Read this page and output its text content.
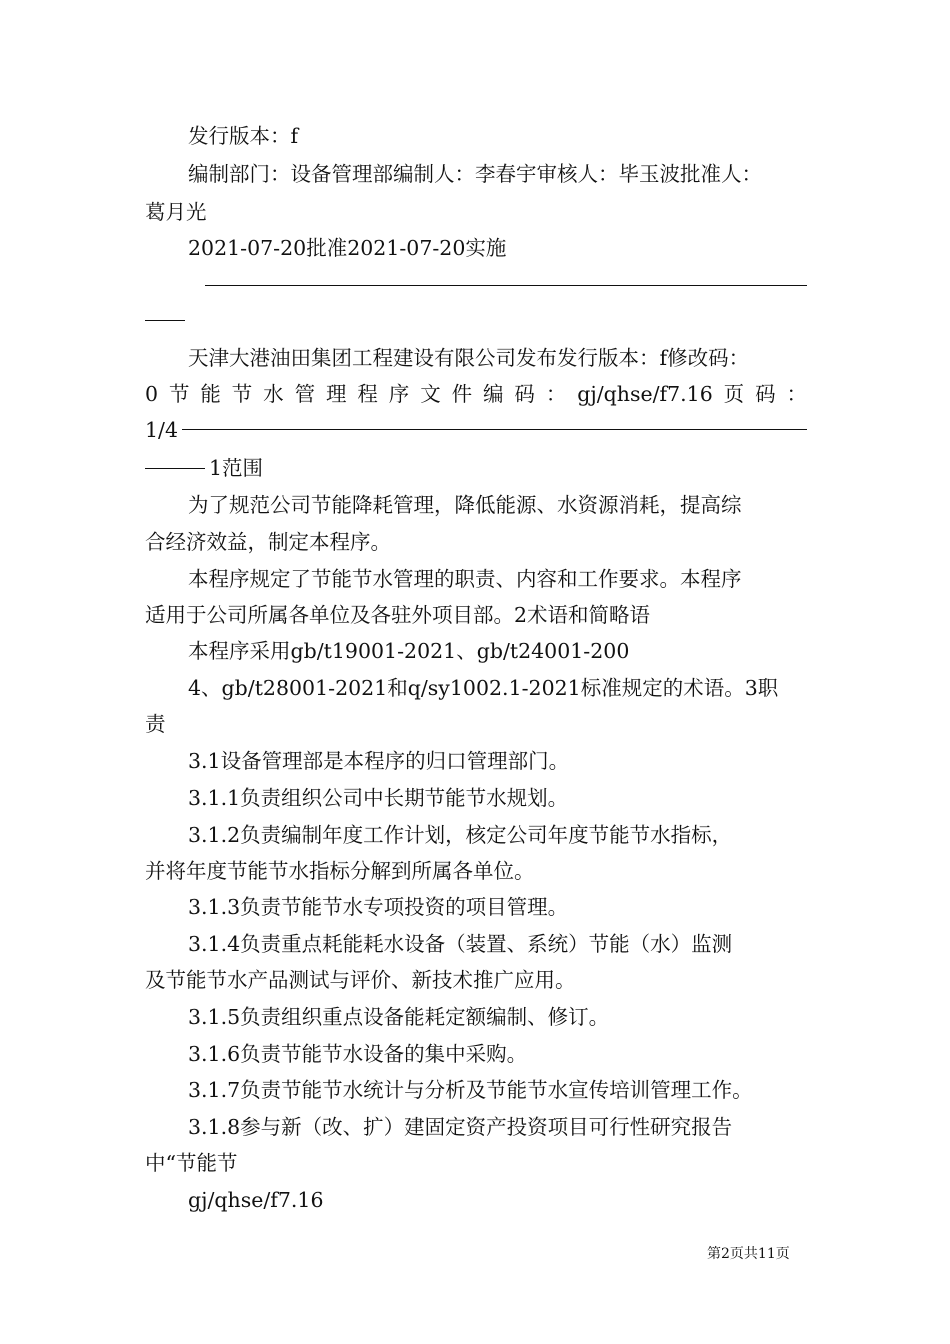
发行版本：f
编制部门：设备管理部编制人：李春宇审核人：毕玉波批准人：
葛月光
2021-07-20批准2021-07-20实施
天津大港油田集团工程建设有限公司发布发行版本：f修改码：
0 节 能 节 水 管 理 程 序 文 件 编 码 ： gj/qhse/f7.16 页 码 ：
1/4
1范围
为了规范公司节能降耗管理，降低能源、水资源消耗，提高综
合经济效益，制定本程序。
本程序规定了节能节水管理的职责、内容和工作要求。本程序
适用于公司所属各单位及各驻外项目部。2术语和简略语
本程序采用gb/t19001-2021、gb/t24001-200
4、gb/t28001-2021和q/sy1002.1-2021标准规定的术语。3职
责
3.1设备管理部是本程序的归口管理部门。
3.1.1负责组织公司中长期节能节水规划。
3.1.2负责编制年度工作计划，核定公司年度节能节水指标，
并将年度节能节水指标分解到所属各单位。
3.1.3负责节能节水专项投资的项目管理。
3.1.4负责重点耗能耗水设备（装置、系统）节能（水）监测
及节能节水产品测试与评价、新技术推广应用。
3.1.5负责组织重点设备能耗定额编制、修订。
3.1.6负责节能节水设备的集中采购。
3.1.7负责节能节水统计与分析及节能节水宣传培训管理工作。
3.1.8参与新（改、扩）建固定资产投资项目可行性研究报告
中“节能节
gj/qhse/f7.16
第2页共11页
